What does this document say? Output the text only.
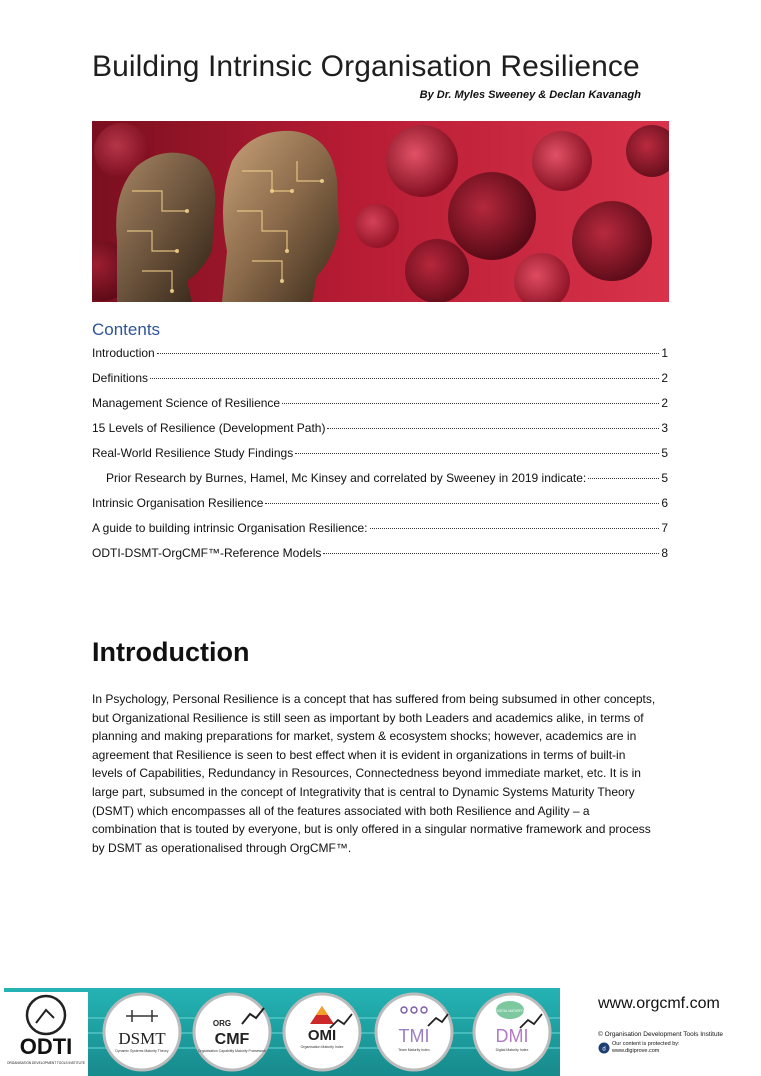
Building Intrinsic Organisation Resilience
By Dr. Myles Sweeney & Declan Kavanagh
Contents
Introduction	1
Definitions	2
Management Science of Resilience	2
15 Levels of Resilience (Development Path)	3
Real-World Resilience Study Findings	5
Prior Research by Burnes, Hamel, Mc Kinsey and correlated by Sweeney in 2019 indicate:	5
Intrinsic Organisation Resilience	6
A guide to building intrinsic Organisation Resilience:	7
ODTI-DSMT-OrgCMF™-Reference Models	8
Introduction

In Psychology, Personal Resilience is a concept that has suffered from being subsumed in other concepts, but Organizational Resilience is still seen as important by both Leaders and academics alike, in terms of planning and making preparations for market, system & ecosystem shocks; however, academics are in agreement that Resilience is seen to best effect when it is evident in organizations in terms of built-in levels of Capabilities, Redundancy in Resources, Connectedness beyond immediate market, etc. It is in large part, subsumed in the concept of Integrativity that is central to Dynamic Systems Maturity Theory (DSMT) which encompasses all of the features associated with both Resilience and Agility – a combination that is touted by everyone, but is only offered in a singular normative framework and process by DSMT as operationalised through OrgCMF™.

ODTI
ORGANISATION DEVELOPMENT TOOLS INSTITUTE
DSMT
Dynamic Systems Maturity Theory
ORG
CMF
Organisation Capability Maturity Framework
OMI
Organisation Maturity Index
TMI
Team Maturity Index
DIGITAL MATURITY
DMI
Digital Maturity Index
www.orgcmf.com
© Organisation Development Tools Institute
d
Our content is protected by:
www.digiprove.com
